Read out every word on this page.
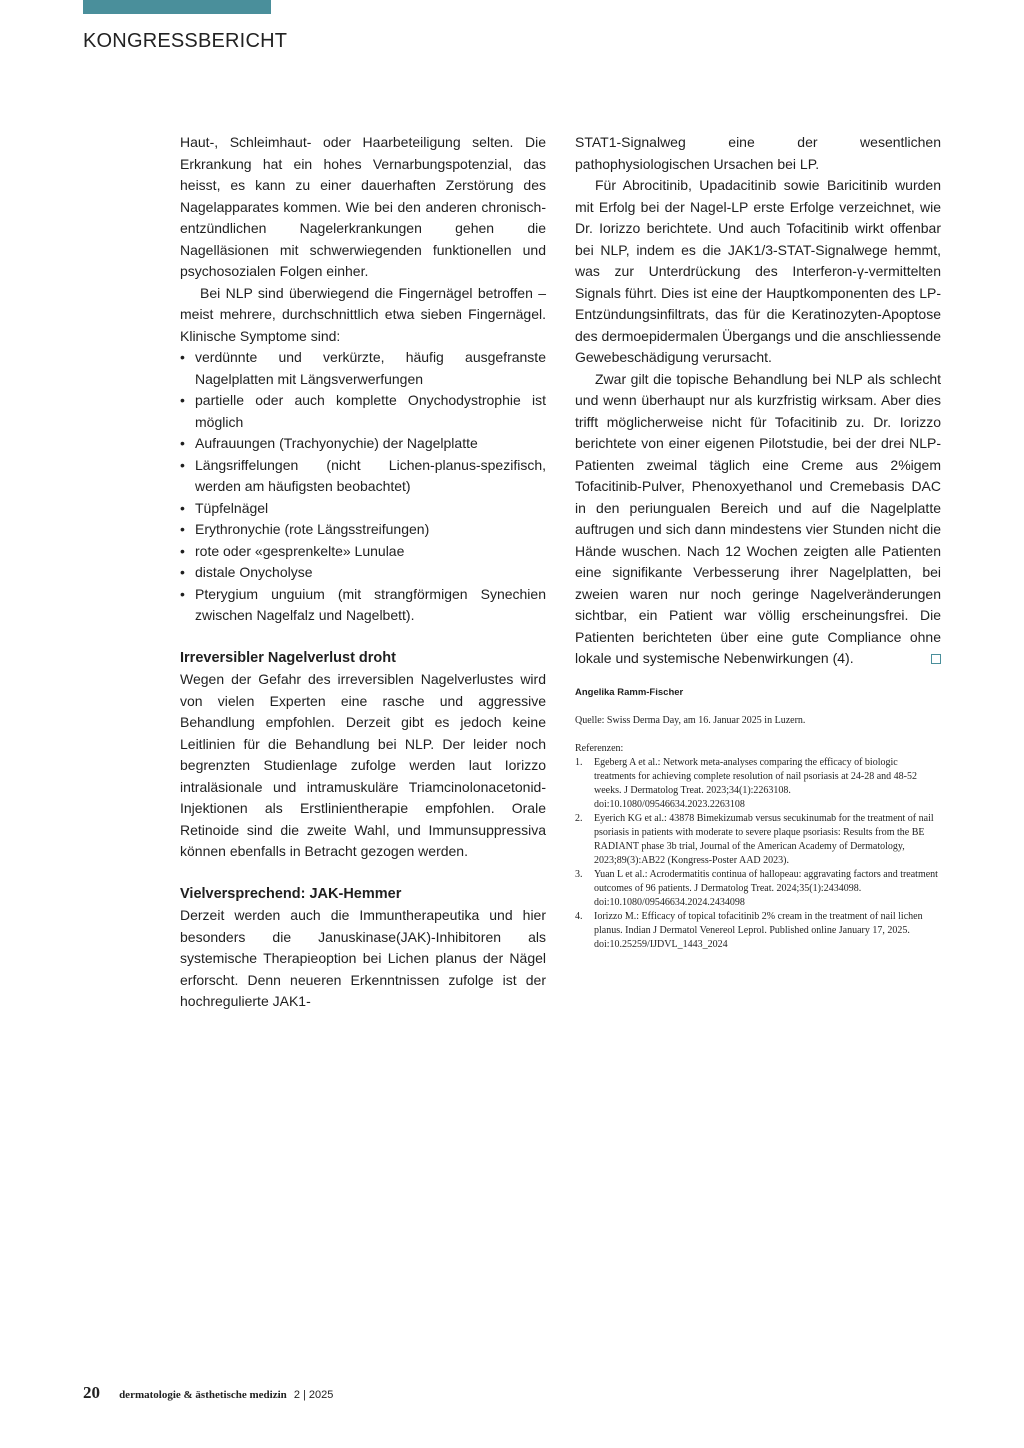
KONGRESSBERICHT

Haut-, Schleimhaut- oder Haarbeteiligung selten. Die Erkrankung hat ein hohes Vernarbungspotenzial, das heisst, es kann zu einer dauerhaften Zerstörung des Nagelapparates kommen. Wie bei den anderen chronisch-entzündlichen Nagelerkrankungen gehen die Nagelläsionen mit schwerwiegenden funktionellen und psychosozialen Folgen einher.

Bei NLP sind überwiegend die Fingernägel betroffen – meist mehrere, durchschnittlich etwa sieben Fingernägel. Klinische Symptome sind:

• verdünnte und verkürzte, häufig ausgefranste Nagelplatten mit Längsverwerfungen
• partielle oder auch komplette Onychodystrophie ist möglich
• Aufrauungen (Trachyonychie) der Nagelplatte
• Längsriffelungen (nicht Lichen-planus-spezifisch, werden am häufigsten beobachtet)
• Tüpfelnägel
• Erythronychie (rote Längsstreifungen)
• rote oder «gesprenkelte» Lunulae
• distale Onycholyse
• Pterygium unguium (mit strangförmigen Synechien zwischen Nagelfalz und Nagelbett).
Irreversibler Nagelverlust droht

Wegen der Gefahr des irreversiblen Nagelverlustes wird von vielen Experten eine rasche und aggressive Behandlung empfohlen. Derzeit gibt es jedoch keine Leitlinien für die Behandlung bei NLP. Der leider noch begrenzten Studienlage zufolge werden laut Iorizzo intraläsionale und intramuskuläre Triamcinolonacetonid-Injektionen als Erstlinientherapie empfohlen. Orale Retinoide sind die zweite Wahl, und Immunsuppressiva können ebenfalls in Betracht gezogen werden.

Vielversprechend: JAK-Hemmer

Derzeit werden auch die Immuntherapeutika und hier besonders die Januskinase(JAK)-Inhibitoren als systemische Therapieoption bei Lichen planus der Nägel erforscht. Denn neueren Erkenntnissen zufolge ist der hochregulierte JAK1-

STAT1-Signalweg eine der wesentlichen pathophysiologischen Ursachen bei LP.

Für Abrocitinib, Upadacitinib sowie Baricitinib wurden mit Erfolg bei der Nagel-LP erste Erfolge verzeichnet, wie Dr. Iorizzo berichtete. Und auch Tofacitinib wirkt offenbar bei NLP, indem es die JAK1/3-STAT-Signalwege hemmt, was zur Unterdrückung des Interferon-γ-vermittelten Signals führt. Dies ist eine der Hauptkomponenten des LP-Entzündungsinfiltrats, das für die Keratinozyten-Apoptose des dermoepidermalen Übergangs und die anschliessende Gewebeschädigung verursacht.

Zwar gilt die topische Behandlung bei NLP als schlecht und wenn überhaupt nur als kurzfristig wirksam. Aber dies trifft möglicherweise nicht für Tofacitinib zu. Dr. Iorizzo berichtete von einer eigenen Pilotstudie, bei der drei NLP-Patienten zweimal täglich eine Creme aus 2%igem Tofacitinib-Pulver, Phenoxyethanol und Cremebasis DAC in den periungualen Bereich und auf die Nagelplatte auftrugen und sich dann mindestens vier Stunden nicht die Hände wuschen. Nach 12 Wochen zeigten alle Patienten eine signifikante Verbesserung ihrer Nagelplatten, bei zweien waren nur noch geringe Nagelveränderungen sichtbar, ein Patient war völlig erscheinungsfrei. Die Patienten berichteten über eine gute Compliance ohne lokale und systemische Nebenwirkungen (4).

Angelika Ramm-Fischer

Quelle: Swiss Derma Day, am 16. Januar 2025 in Luzern.

Referenzen:

1. Egeberg A et al.: Network meta-analyses comparing the efficacy of biologic treatments for achieving complete resolution of nail psoriasis at 24-28 and 48-52 weeks. J Dermatolog Treat. 2023;34(1):2263108. doi:10.1080/09546634.2023.2263108
2. Eyerich KG et al.: 43878 Bimekizumab versus secukinumab for the treatment of nail psoriasis in patients with moderate to severe plaque psoriasis: Results from the BE RADIANT phase 3b trial, Journal of the American Academy of Dermatology, 2023;89(3):AB22 (Kongress-Poster AAD 2023).
3. Yuan L et al.: Acrodermatitis continua of hallopeau: aggravating factors and treatment outcomes of 96 patients. J Dermatolog Treat. 2024;35(1):2434098. doi:10.1080/09546634.2024.2434098
4. Iorizzo M.: Efficacy of topical tofacitinib 2% cream in the treatment of nail lichen planus. Indian J Dermatol Venereol Leprol. Published online January 17, 2025. doi:10.25259/IJDVL_1443_2024
20 dermatologie & ästhetische medizin 2 | 2025
